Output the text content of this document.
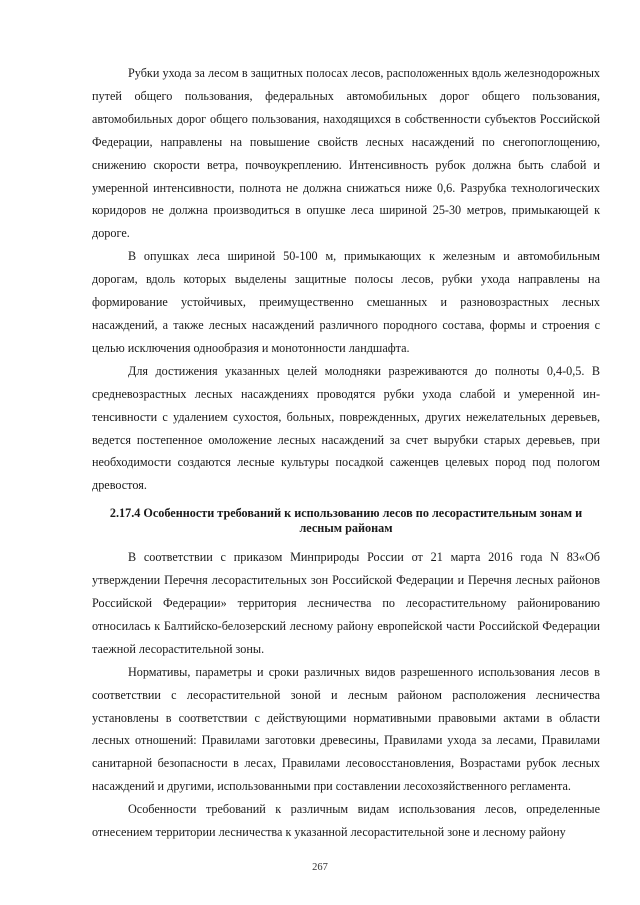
Рубки ухода за лесом в защитных полосах лесов, расположенных вдоль железнодорожных путей общего пользования, федеральных автомобильных дорог общего пользования, автомобильных дорог общего пользования, находящихся в собственности субъектов Российской Федерации, направлены на повышение свойств лесных насаждений по снегопоглощению, снижению скорости ветра, почвоукреплению. Интенсивность рубок должна быть слабой и умеренной интенсивности, полнота не должна снижаться ниже 0,6. Разрубка технологических коридоров не должна производиться в опушке леса шириной 25-30 метров, примыкающей к дороге.

В опушках леса шириной 50-100 м, примыкающих к железным и автомобильным дорогам, вдоль которых выделены защитные полосы лесов, рубки ухода направлены на формирование устойчивых, преимущественно смешанных и разновозрастных лесных насаждений, а также лесных насаждений различного породного состава, формы и строения с целью исключения однообразия и монотонности ландшафта.

Для достижения указанных целей молодняки разреживаются до полноты 0,4-0,5. В средневозрастных лесных насаждениях проводятся рубки ухода слабой и умеренной интенсивности с удалением сухостоя, больных, поврежденных, других нежелательных деревьев, ведется постепенное омоложение лесных насаждений за счет вырубки старых деревьев, при необходимости создаются лесные культуры посадкой саженцев целевых пород под пологом древостоя.

2.17.4 Особенности требований к использованию лесов по лесорастительным зонам и лесным районам

В соответствии с приказом Минприроды России от 21 марта 2016 года N 83«Об утверждении Перечня лесорастительных зон Российской Федерации и Перечня лесных районов Российской Федерации» территория лесничества по лесорастительному районированию относилась к Балтийско-белозерский лесному району европейской части Российской Федерации таежной лесорастительной зоны.

Нормативы, параметры и сроки различных видов разрешенного использования лесов в соответствии с лесорастительной зоной и лесным районом расположения лесничества установлены в соответствии с действующими нормативными правовыми актами в области лесных отношений: Правилами заготовки древесины, Правилами ухода за лесами, Правилами санитарной безопасности в лесах, Правилами лесовосстановления, Возрастами рубок лесных насаждений и другими, использованными при составлении лесохозяйственного регламента.

Особенности требований к различным видам использования лесов, определенные отнесением территории лесничества к указанной лесорастительной зоне и лесному району

267
